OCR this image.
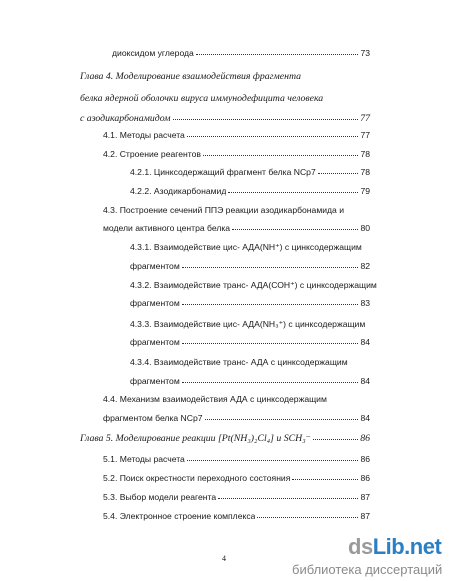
диоксидом углерода	73
Глава 4. Моделирование взаимодействия фрагмента
белка ядерной оболочки вируса иммунодефицита человека
с азодикарбонамидом	77
4.1. Методы расчета	77
4.2. Строение реагентов	78
4.2.1. Цинксодержащий фрагмент белка NCp7	78
4.2.2. Азодикарбонамид	79
4.3. Построение сечений ППЭ реакции азодикарбонамида и
модели активного центра белка	80
4.3.1. Взаимодействие цис- АДА(NH⁺) с цинксодержащим
фрагментом	82
4.3.2. Взаимодействие транс- АДА(СОН⁺) с цинксодержащим
фрагментом	83
4.3.3. Взаимодействие цис- АДА(NH₃⁺) с цинксодержащим
фрагментом	84
4.3.4. Взаимодействие транс- АДА с цинксодержащим
фрагментом	84
4.4. Механизм взаимодействия АДА с цинксодержащим
фрагментом белка NCp7	84
Глава 5. Моделирование реакции [Pt(NH₃)₂Cl₄] и SCH₃⁻	86
5.1. Методы расчета	86
5.2. Поиск окрестности переходного состояния	86
5.3. Выбор модели реагента	87
5.4. Электронное строение комплекса	87
4	dsLib.net
библиотека диссертаций
